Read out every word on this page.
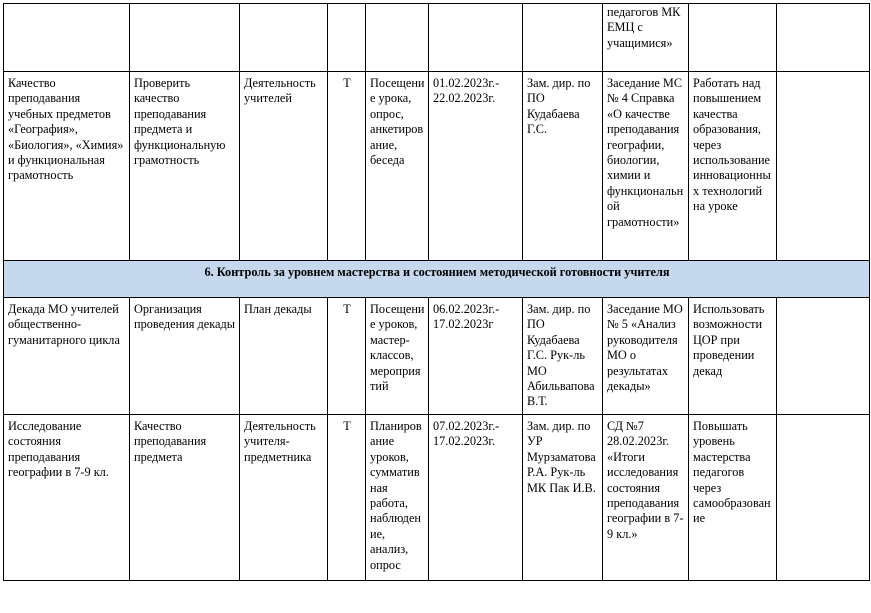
							педагогов МК ЕМЦ с учащимися»		
Качество преподавания учебных предметов «География», «Биология», «Химия» и функциональная грамотность	Проверить качество преподавания предмета и функциональную грамотность	Деятельность учителей	Т	Посещение урока, опрос, анкетирование, беседа	01.02.2023г.- 22.02.2023г.	Зам. дир. по ПО Кудабаева Г.С.	Заседание МС № 4 Справка «О качестве преподавания географии, биологии, химии и функциональной грамотности»	Работать над повышением качества образования, через использование инновационных технологий на уроке	
6. Контроль за уровнем мастерства и состоянием методической готовности учителя									
Декада МО учителей общественно-гуманитарного цикла	Организация проведения декады	План декады	Т	Посещение уроков, мастер-классов, мероприятий	06.02.2023г.- 17.02.2023г	Зам. дир. по ПО Кудабаева Г.С. Рук-ль МО Абильвапова В.Т.	Заседание МО № 5 «Анализ руководителя МО о результатах декады»	Использовать возможности ЦОР при проведении декад	
Исследование состояния преподавания географии в 7-9 кл.	Качество преподавания предмета	Деятельность учителя-предметника	Т	Планирование уроков, суммативная работа, наблюдение, анализ, опрос	07.02.2023г.- 17.02.2023г.	Зам. дир. по УР Мурзаматова Р.А. Рук-ль МК Пак И.В.	СД №7 28.02.2023г. «Итоги исследования состояния преподавания географии в 7-9 кл.»	Повышать уровень мастерства педагогов через самообразование	
